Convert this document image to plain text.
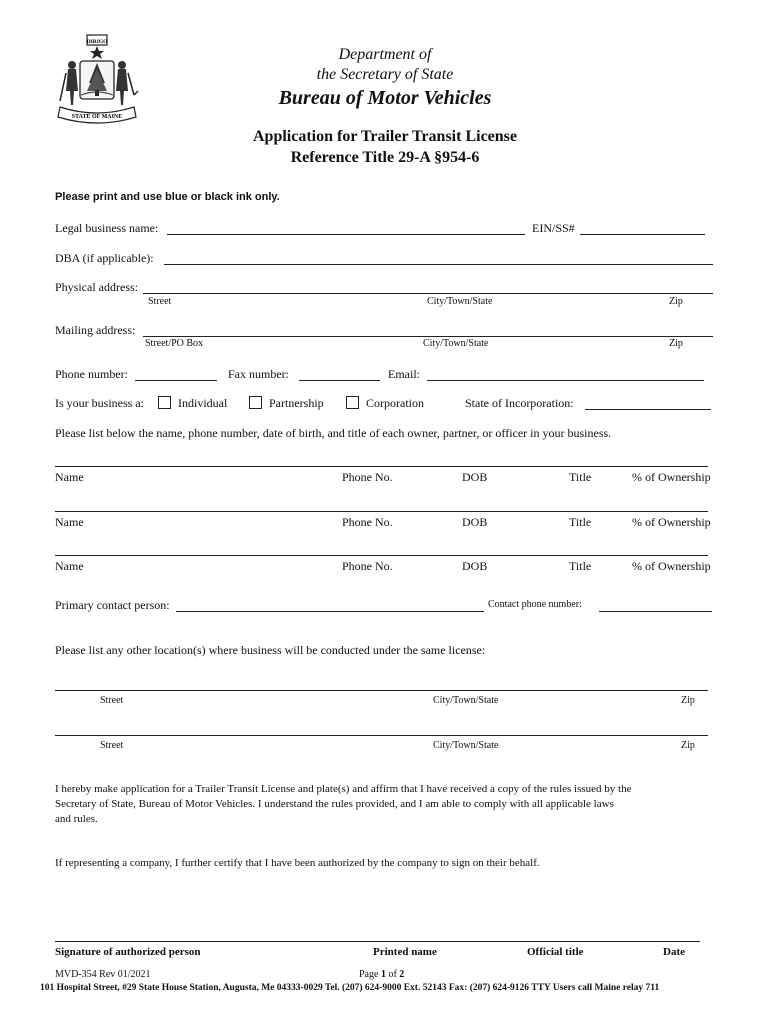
DIRIGO
STATE OF MAINE
Department of
the Secretary of State
Bureau of Motor Vehicles
Application for Trailer Transit License
Reference Title 29-A §954-6
Please print and use blue or black ink only.
Legal business name:	EIN/SS#
DBA (if applicable):
Physical address:
Street	City/Town/State	Zip
Mailing address:
Street/PO Box	City/Town/State	Zip
Phone number:	Fax number:	Email:
Is your business a:	Individual	Partnership	Corporation	State of Incorporation:
Please list below the name, phone number, date of birth, and title of each owner, partner, or officer in your business.
Name	Phone No.	DOB	Title	% of Ownership
Name	Phone No.	DOB	Title	% of Ownership
Name	Phone No.	DOB	Title	% of Ownership
Primary contact person:	Contact phone number:
Please list any other location(s) where business will be conducted under the same license:
Street	City/Town/State	Zip
Street	City/Town/State	Zip
I hereby make application for a Trailer Transit License and plate(s) and affirm that I have received a copy of the rules issued by the
Secretary of State, Bureau of Motor Vehicles. I understand the rules provided, and I am able to comply with all applicable laws
and rules.
If representing a company, I further certify that I have been authorized by the company to sign on their behalf.
Signature of authorized person	Printed name	Official title	Date
MVD-354 Rev 01/2021	Page 1 of 2
101 Hospital Street, #29 State House Station, Augusta, Me 04333-0029 Tel. (207) 624-9000 Ext. 52143 Fax: (207) 624-9126 TTY Users call Maine relay 711
